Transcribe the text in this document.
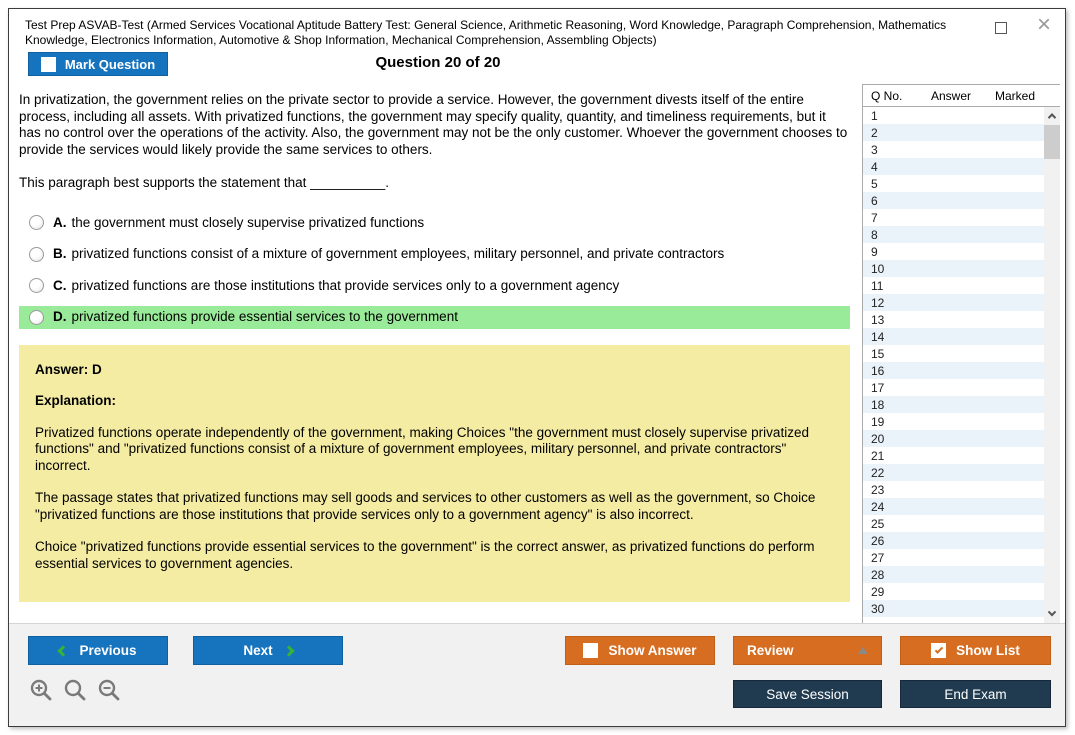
Test Prep ASVAB-Test (Armed Services Vocational Aptitude Battery Test: General Science, Arithmetic Reasoning, Word Knowledge, Paragraph Comprehension, Mathematics Knowledge, Electronics Information, Automotive & Shop Information, Mechanical Comprehension, Assembling Objects)
×
Mark Question	Question 20 of 20

In privatization, the government relies on the private sector to provide a service. However, the government divests itself of the entire process, including all assets. With privatized functions, the government may specify quality, quantity, and timeliness requirements, but it has no control over the operations of the activity. Also, the government may not be the only customer. Whoever the government chooses to provide the services would likely provide the same services to others.

This paragraph best supports the statement that __________.

A. the government must closely supervise privatized functions
B. privatized functions consist of a mixture of government employees, military personnel, and private contractors
C. privatized functions are those institutions that provide services only to a government agency
D. privatized functions provide essential services to the government
Answer: D
Explanation:

Privatized functions operate independently of the government, making Choices "the government must closely supervise privatized functions" and "privatized functions consist of a mixture of government employees, military personnel, and private contractors" incorrect.

The passage states that privatized functions may sell goods and services to other customers as well as the government, so Choice "privatized functions are those institutions that provide services only to a government agency" is also incorrect.

Choice "privatized functions provide essential services to the government" is the correct answer, as privatized functions do perform essential services to government agencies.

Q No.	Answer	Marked
1
2
3
4
5
6
7
8
9
10
11
12
13
14
15
16
17
18
19
20
21
22
23
24
25
26
27
28
29
30
Previous	Next	Show Answer	Review	Show List
Save Session	End Exam
